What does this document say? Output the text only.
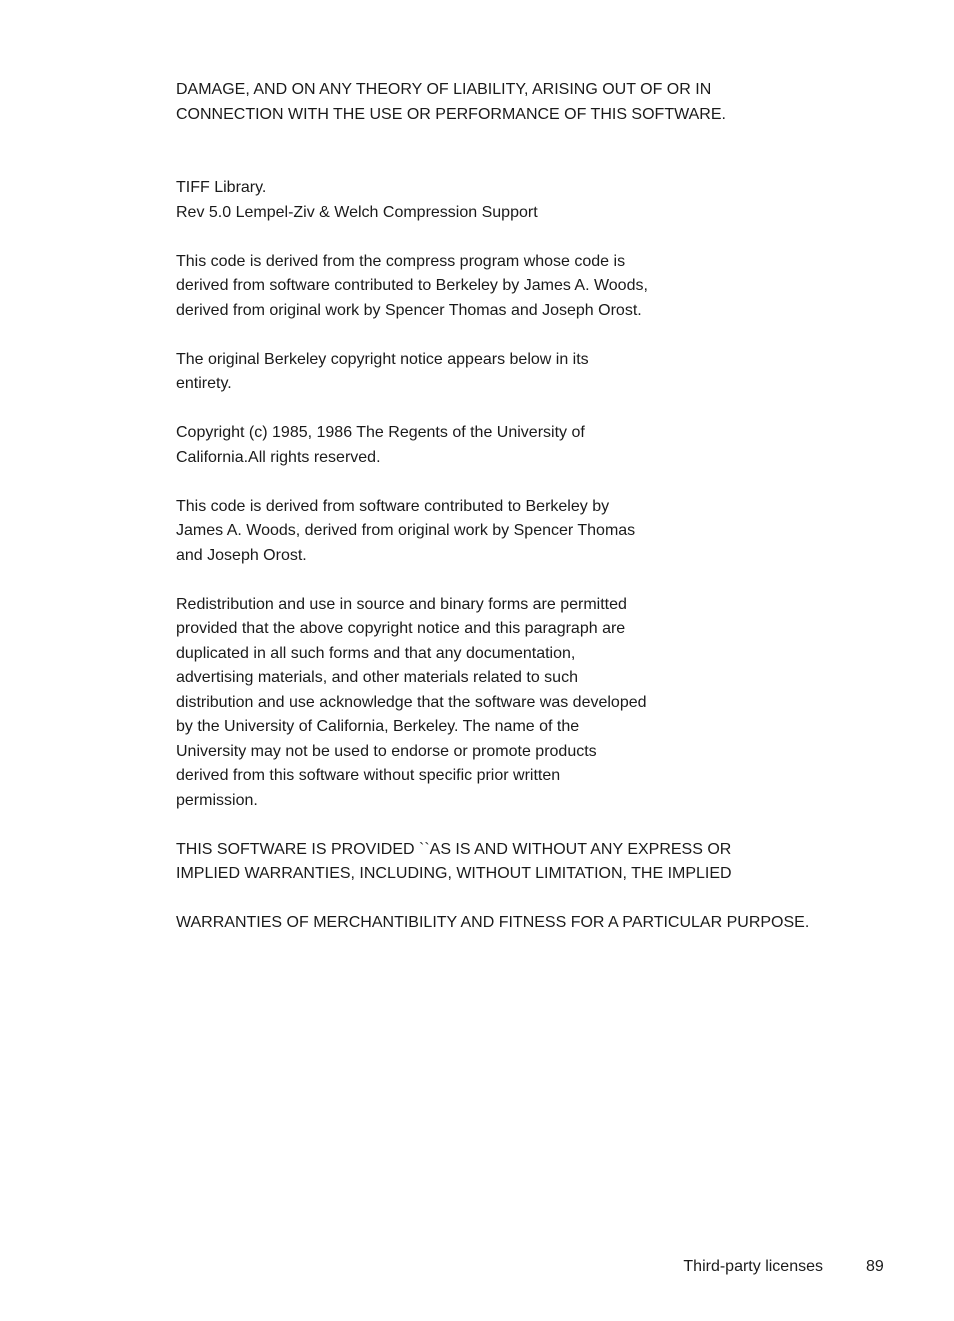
DAMAGE, AND ON ANY THEORY OF LIABILITY, ARISING OUT OF OR IN
CONNECTION WITH THE USE OR PERFORMANCE OF THIS SOFTWARE.
TIFF Library.
Rev 5.0 Lempel-Ziv & Welch Compression Support
This code is derived from the compress program whose code is
derived from software contributed to Berkeley by James A. Woods,
derived from original work by Spencer Thomas and Joseph Orost.
The original Berkeley copyright notice appears below in its
entirety.
Copyright (c) 1985, 1986 The Regents of the University of
California.All rights reserved.
This code is derived from software contributed to Berkeley by
James A. Woods, derived from original work by Spencer Thomas
and Joseph Orost.
Redistribution and use in source and binary forms are permitted
provided that the above copyright notice and this paragraph are
duplicated in all such forms and that any documentation,
advertising materials, and other materials related to such
distribution and use acknowledge that the software was developed
by the University of California, Berkeley. The name of the
University may not be used to endorse or promote products
derived from this software without specific prior written
permission.
THIS SOFTWARE IS PROVIDED ``AS IS AND WITHOUT ANY EXPRESS OR
IMPLIED WARRANTIES, INCLUDING, WITHOUT LIMITATION, THE IMPLIED
WARRANTIES OF MERCHANTIBILITY AND FITNESS FOR A PARTICULAR PURPOSE.
Third-party licenses	89
